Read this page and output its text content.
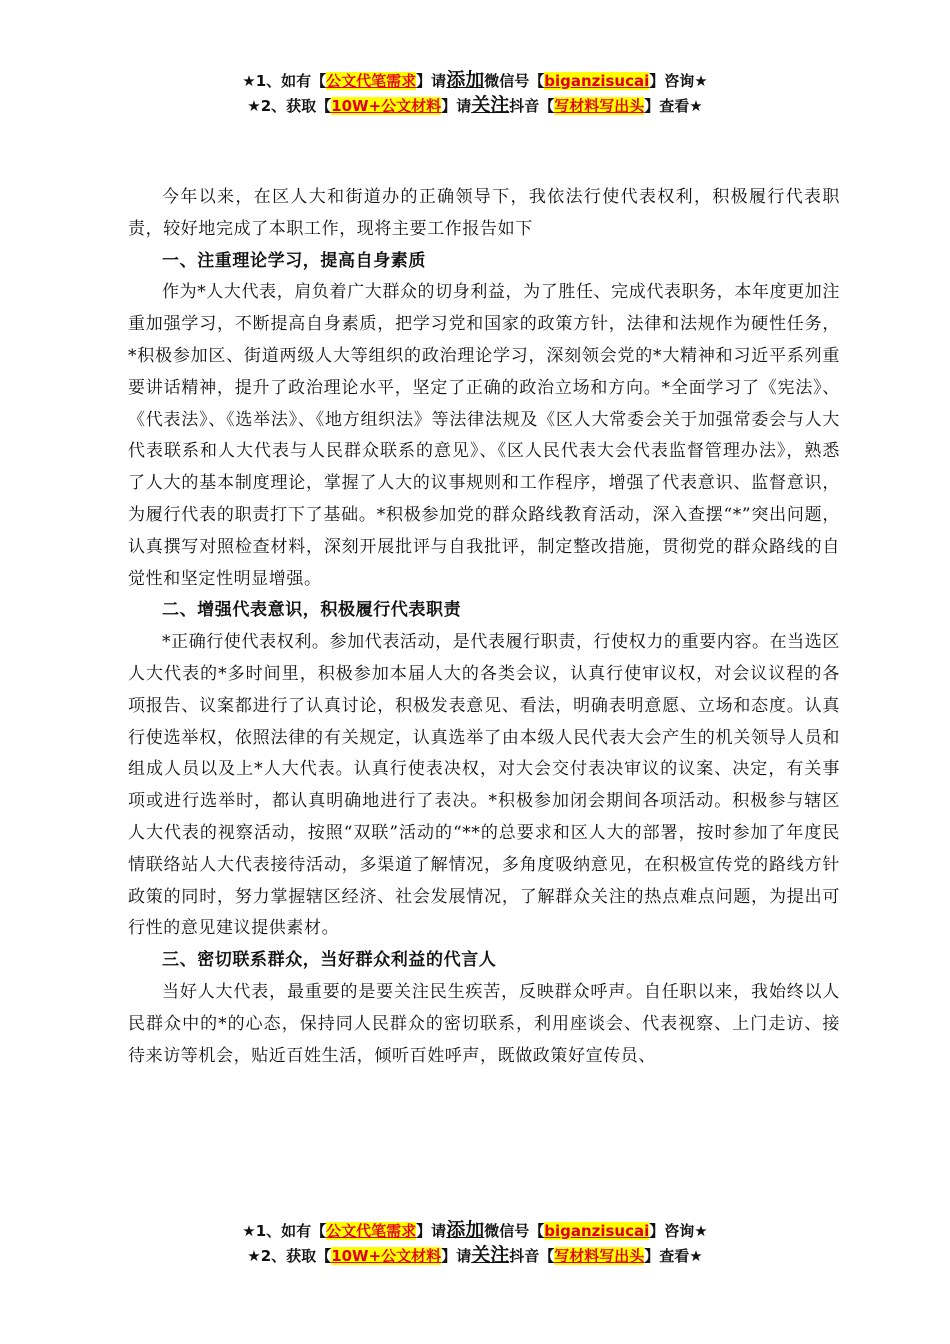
★1、如有【公文代笔需求】请添加微信号【biganzisucai】咨询★
★2、获取【10W+公文材料】请关注抖音【写材料写出头】查看★

今年以来，在区人大和街道办的正确领导下，我依法行使代表权利，积极履行代表职责，较好地完成了本职工作，现将主要工作报告如下

一、注重理论学习，提高自身素质

作为*人大代表，肩负着广大群众的切身利益，为了胜任、完成代表职务，本年度更加注重加强学习，不断提高自身素质，把学习党和国家的政策方针，法律和法规作为硬性任务，*积极参加区、街道两级人大等组织的政治理论学习，深刻领会党的*大精神和习近平系列重要讲话精神，提升了政治理论水平，坚定了正确的政治立场和方向。*全面学习了《宪法》、《代表法》、《选举法》、《地方组织法》等法律法规及《区人大常委会关于加强常委会与人大代表联系和人大代表与人民群众联系的意见》、《区人民代表大会代表监督管理办法》，熟悉了人大的基本制度理论，掌握了人大的议事规则和工作程序，增强了代表意识、监督意识，为履行代表的职责打下了基础。*积极参加党的群众路线教育活动，深入查摆“*”突出问题，认真撰写对照检查材料，深刻开展批评与自我批评，制定整改措施，贯彻党的群众路线的自觉性和坚定性明显增强。

二、增强代表意识，积极履行代表职责

*正确行使代表权利。参加代表活动，是代表履行职责，行使权力的重要内容。在当选区人大代表的*多时间里，积极参加本届人大的各类会议，认真行使审议权，对会议议程的各项报告、议案都进行了认真讨论，积极发表意见、看法，明确表明意愿、立场和态度。认真行使选举权，依照法律的有关规定，认真选举了由本级人民代表大会产生的机关领导人员和组成人员以及上*人大代表。认真行使表决权，对大会交付表决审议的议案、决定，有关事项或进行选举时，都认真明确地进行了表决。*积极参加闭会期间各项活动。积极参与辖区人大代表的视察活动，按照“双联”活动的“**的总要求和区人大的部署，按时参加了年度民情联络站人大代表接待活动，多渠道了解情况，多角度吸纳意见，在积极宣传党的路线方针政策的同时，努力掌握辖区经济、社会发展情况，了解群众关注的热点难点问题，为提出可行性的意见建议提供素材。

三、密切联系群众，当好群众利益的代言人

当好人大代表，最重要的是要关注民生疾苦，反映群众呼声。自任职以来，我始终以人民群众中的*的心态，保持同人民群众的密切联系，利用座谈会、代表视察、上门走访、接待来访等机会，贴近百姓生活，倾听百姓呼声，既做政策好宣传员、

★1、如有【公文代笔需求】请添加微信号【biganzisucai】咨询★
★2、获取【10W+公文材料】请关注抖音【写材料写出头】查看★
